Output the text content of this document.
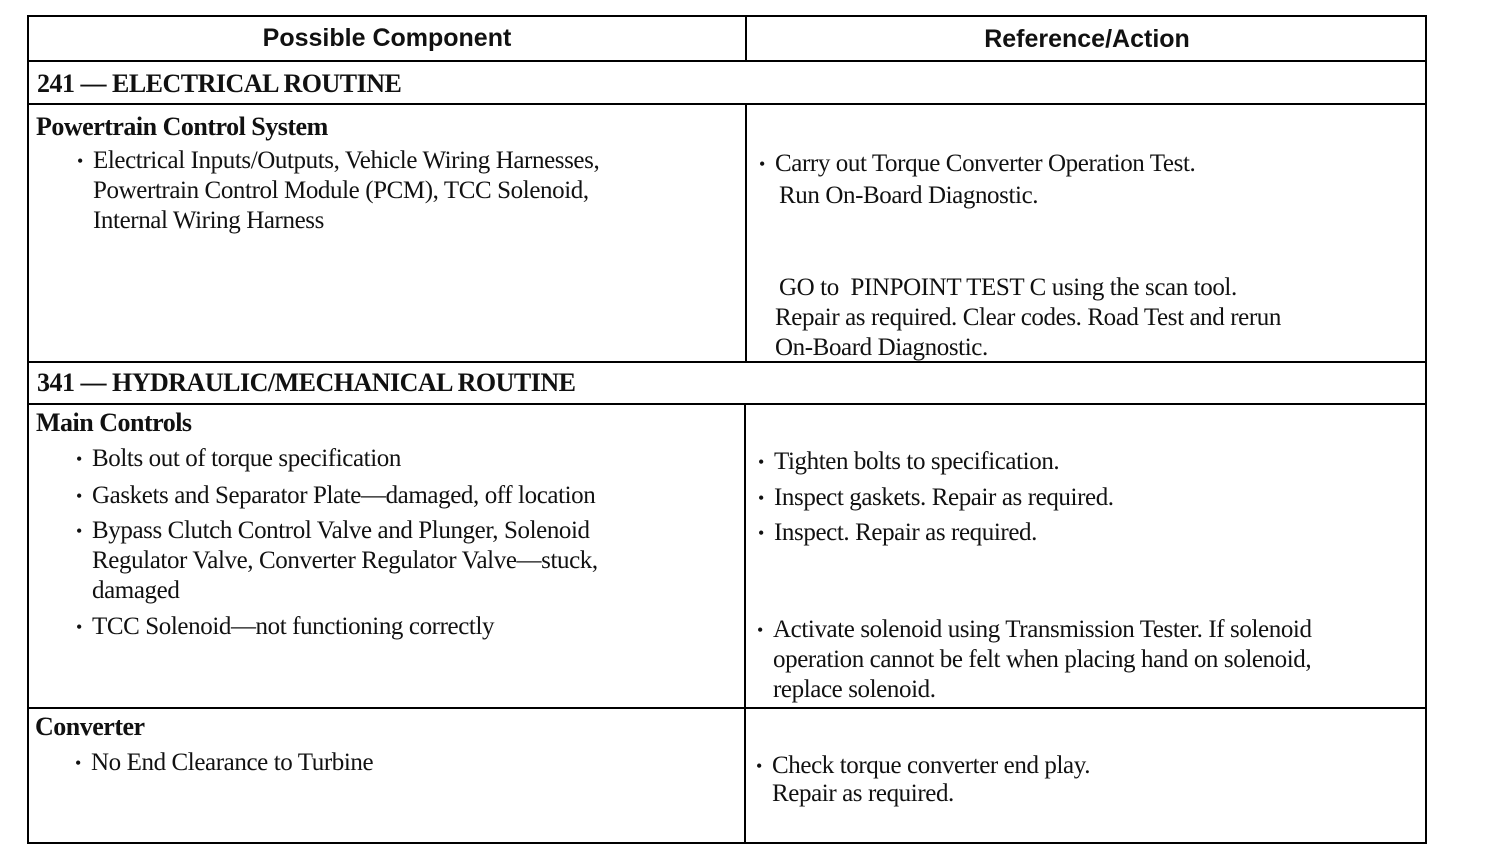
Possible Component	Reference/Action
241 — ELECTRICAL ROUTINE
Powertrain Control System
• Electrical Inputs/Outputs, Vehicle Wiring Harnesses,
Powertrain Control Module (PCM), TCC Solenoid,
Internal Wiring Harness
• Carry out Torque Converter Operation Test.
Run On-Board Diagnostic.
GO to  PINPOINT TEST C using the scan tool.
Repair as required. Clear codes. Road Test and rerun
On-Board Diagnostic.
341 — HYDRAULIC/MECHANICAL ROUTINE
Main Controls
• Bolts out of torque specification
• Gaskets and Separator Plate—damaged, off location
• Bypass Clutch Control Valve and Plunger, Solenoid
Regulator Valve, Converter Regulator Valve—stuck,
damaged
• TCC Solenoid—not functioning correctly
• Tighten bolts to specification.
• Inspect gaskets. Repair as required.
• Inspect. Repair as required.
• Activate solenoid using Transmission Tester. If solenoid
operation cannot be felt when placing hand on solenoid,
replace solenoid.
Converter
• No End Clearance to Turbine	• Check torque converter end play.
Repair as required.
